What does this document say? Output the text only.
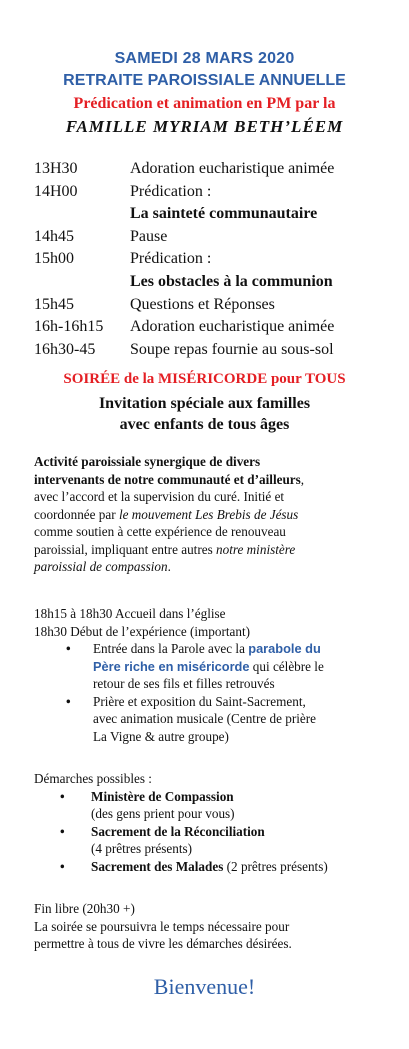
SAMEDI 28 MARS 2020
RETRAITE PAROISSIALE ANNUELLE
Prédication et animation en PM par la
FAMILLE MYRIAM BETH’LÉEM
13H30	Adoration eucharistique animée
14H00	Prédication :
La sainteté communautaire
14h45	Pause
15h00	Prédication :
Les obstacles à la communion
15h45	Questions et Réponses
16h-16h15 Adoration eucharistique animée
16h30-45 Soupe repas fournie au sous-sol
SOIRÉE de la MISÉRICORDE pour TOUS
Invitation spéciale aux familles
avec enfants de tous âges
Activité paroissiale synergique de divers
intervenants de notre communauté et d’ailleurs,
avec l’accord et la supervision du curé. Initié et
coordonnée par le mouvement Les Brebis de Jésus
comme soutien à cette expérience de renouveau
paroissial, impliquant entre autres notre ministère
paroissial de compassion.
18h15 à 18h30 Accueil dans l’église
18h30 Début de l’expérience (important)
• Entrée dans la Parole avec la parabole du
Père riche en miséricorde qui célèbre le
retour de ses fils et filles retrouvés
• Prière et exposition du Saint-Sacrement,
avec animation musicale (Centre de prière
La Vigne & autre groupe)
Démarches possibles :
• Ministère de Compassion
(des gens prient pour vous)
• Sacrement de la Réconciliation
(4 prêtres présents)
• Sacrement des Malades (2 prêtres présents)
Fin libre (20h30 +)
La soirée se poursuivra le temps nécessaire pour
permettre à tous de vivre les démarches désirées.
Bienvenue!
